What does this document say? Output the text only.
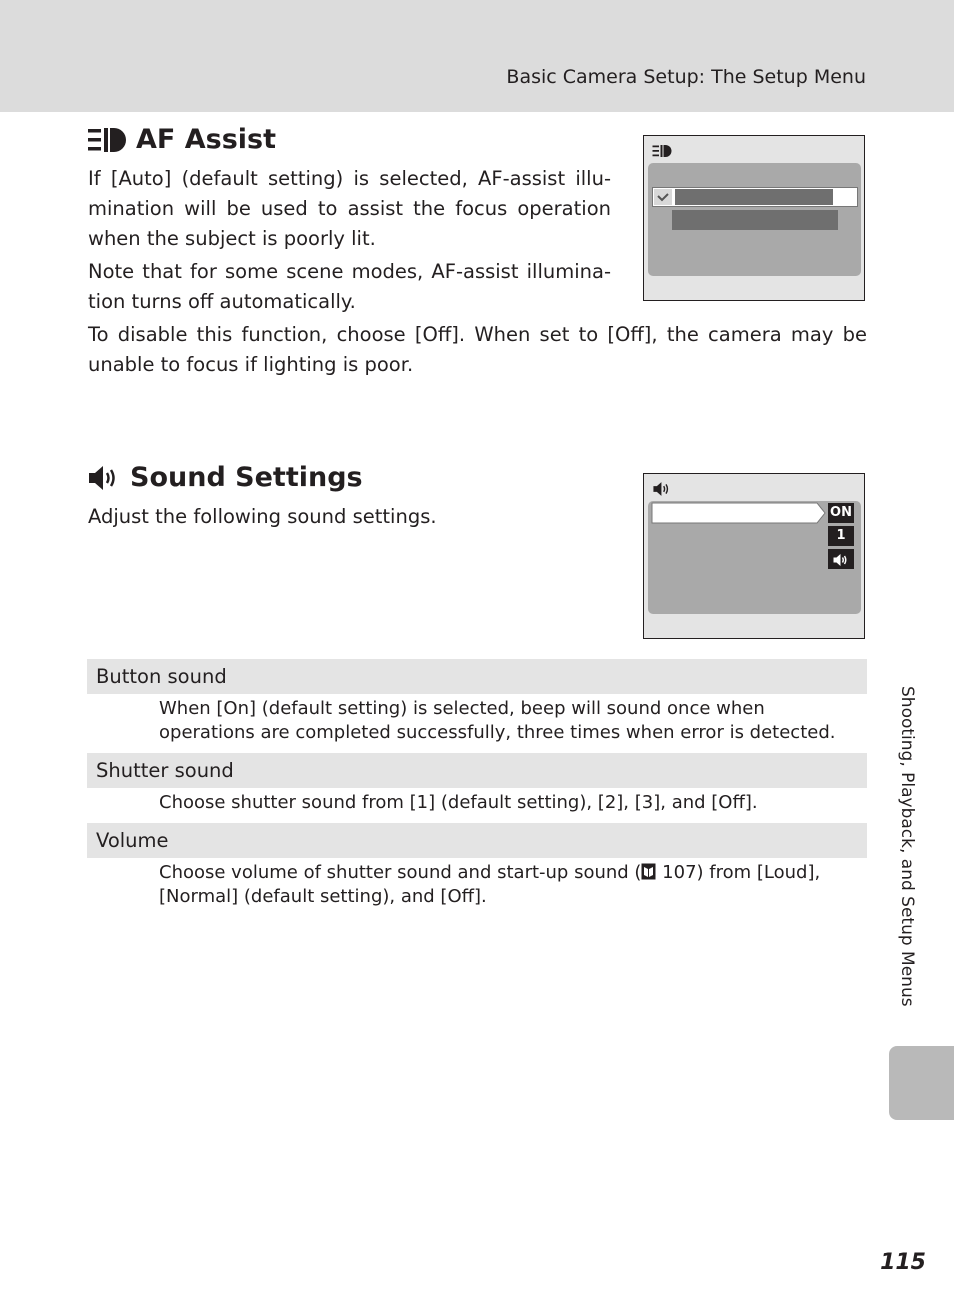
Basic Camera Setup: The Setup Menu
AF Assist

If [Auto] (default setting) is selected, AF-assist illu-mination will be used to assist the focus operation when the subject is poorly lit.

Note that for some scene modes, AF-assist illumina-tion turns off automatically.

To disable this function, choose [Off]. When set to [Off], the camera may be unable to focus if lighting is poor.

Sound Settings

Adjust the following sound settings.	ON
1
Button sound

When [On] (default setting) is selected, beep will sound once when operations are completed successfully, three times when error is detected.

Shutter sound

Choose shutter sound from [1] (default setting), [2], [3], and [Off].

Volume

Choose volume of shutter sound and start-up sound ( 107) from [Loud], [Normal] (default setting), and [Off].	Shooting, Playback, and Setup Menus
115
